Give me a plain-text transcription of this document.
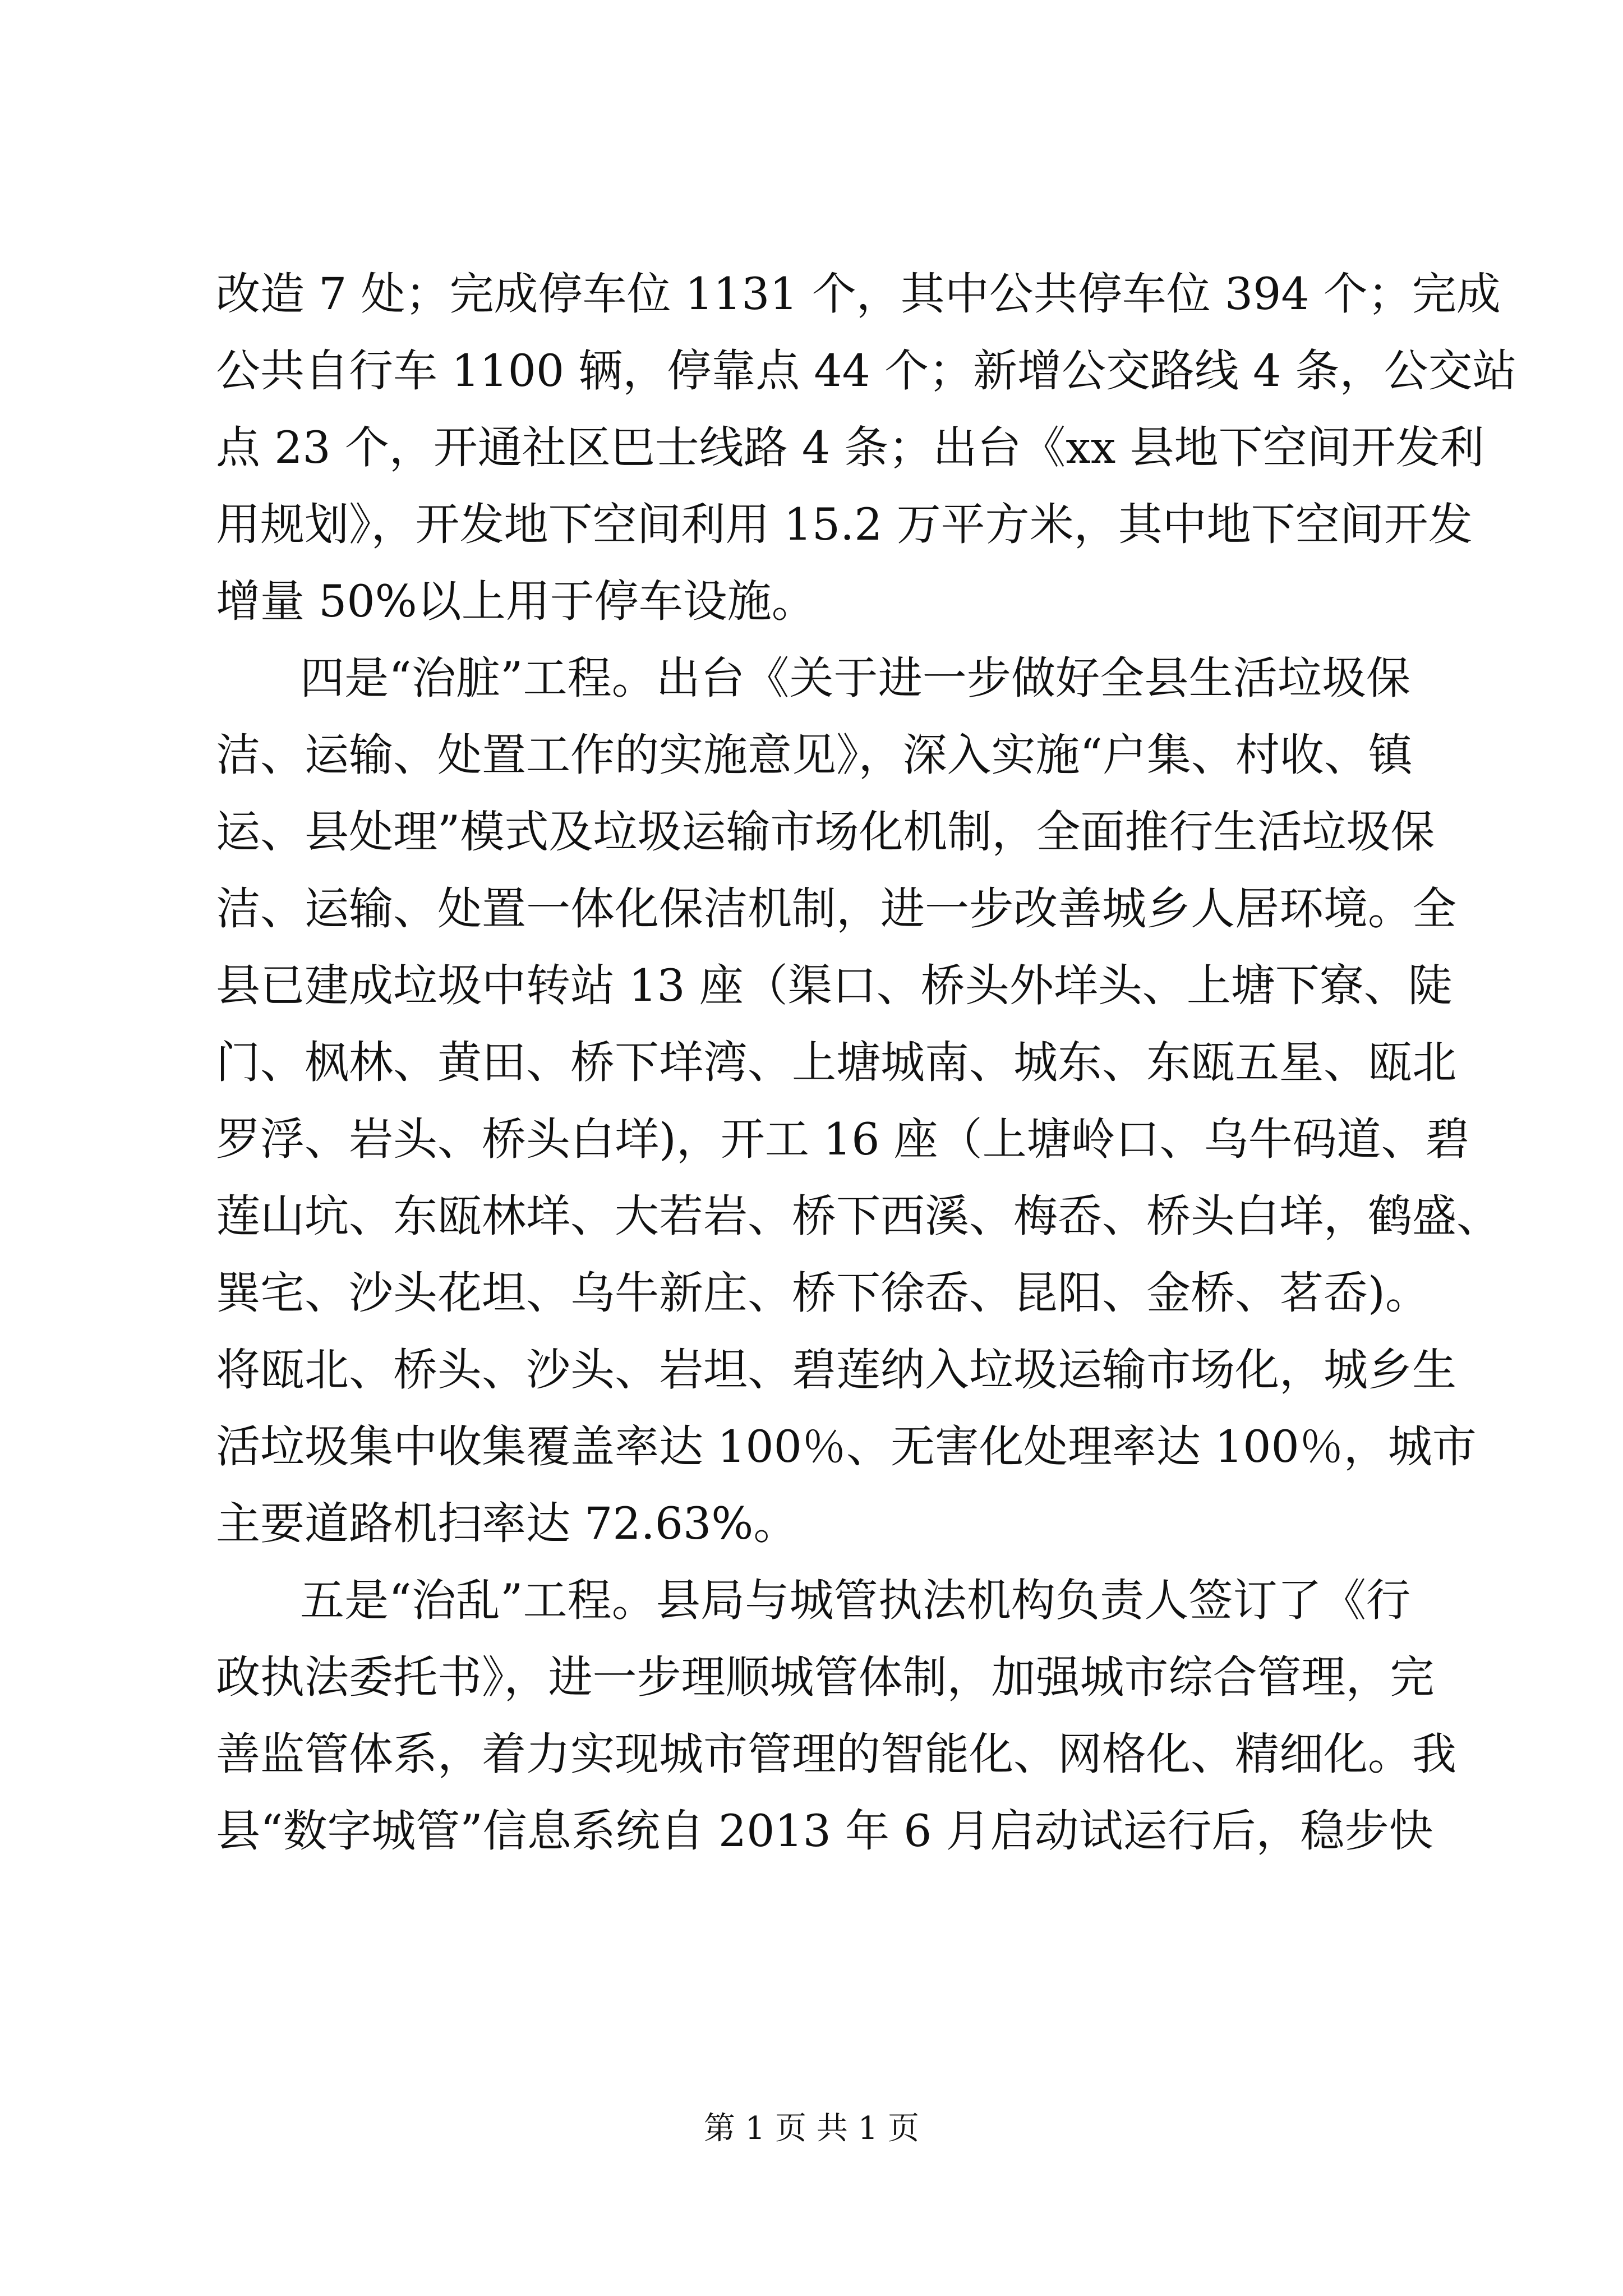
改造 7 处；完成停车位 1131 个，其中公共停车位 394 个；完成
公共自行车 1100 辆，停靠点 44 个；新增公交路线 4 条，公交站
点 23 个，开通社区巴士线路 4 条；出台《xx 县地下空间开发利
用规划》，开发地下空间利用 15.2 万平方米，其中地下空间开发
增量 50%以上用于停车设施。
四是“治脏”工程。出台《关于进一步做好全县生活垃圾保
洁、运输、处置工作的实施意见》，深入实施“户集、村收、镇
运、县处理”模式及垃圾运输市场化机制，全面推行生活垃圾保
洁、运输、处置一体化保洁机制，进一步改善城乡人居环境。全
县已建成垃圾中转站 13 座（渠口、桥头外垟头、上塘下寮、陡
门、枫林、黄田、桥下垟湾、上塘城南、城东、东瓯五星、瓯北
罗浮、岩头、桥头白垟)，开工 16 座（上塘岭口、乌牛码道、碧
莲山坑、东瓯林垟、大若岩、桥下西溪、梅岙、桥头白垟，鹤盛、
巽宅、沙头花坦、乌牛新庄、桥下徐岙、昆阳、金桥、茗岙)。
将瓯北、桥头、沙头、岩坦、碧莲纳入垃圾运输市场化，城乡生
活垃圾集中收集覆盖率达 100％、无害化处理率达 100％，城市
主要道路机扫率达 72.63%。
五是“治乱”工程。县局与城管执法机构负责人签订了《行
政执法委托书》，进一步理顺城管体制，加强城市综合管理，完
善监管体系，着力实现城市管理的智能化、网格化、精细化。我
县“数字城管”信息系统自 2013 年 6 月启动试运行后，稳步快
第 1 页 共 1 页
